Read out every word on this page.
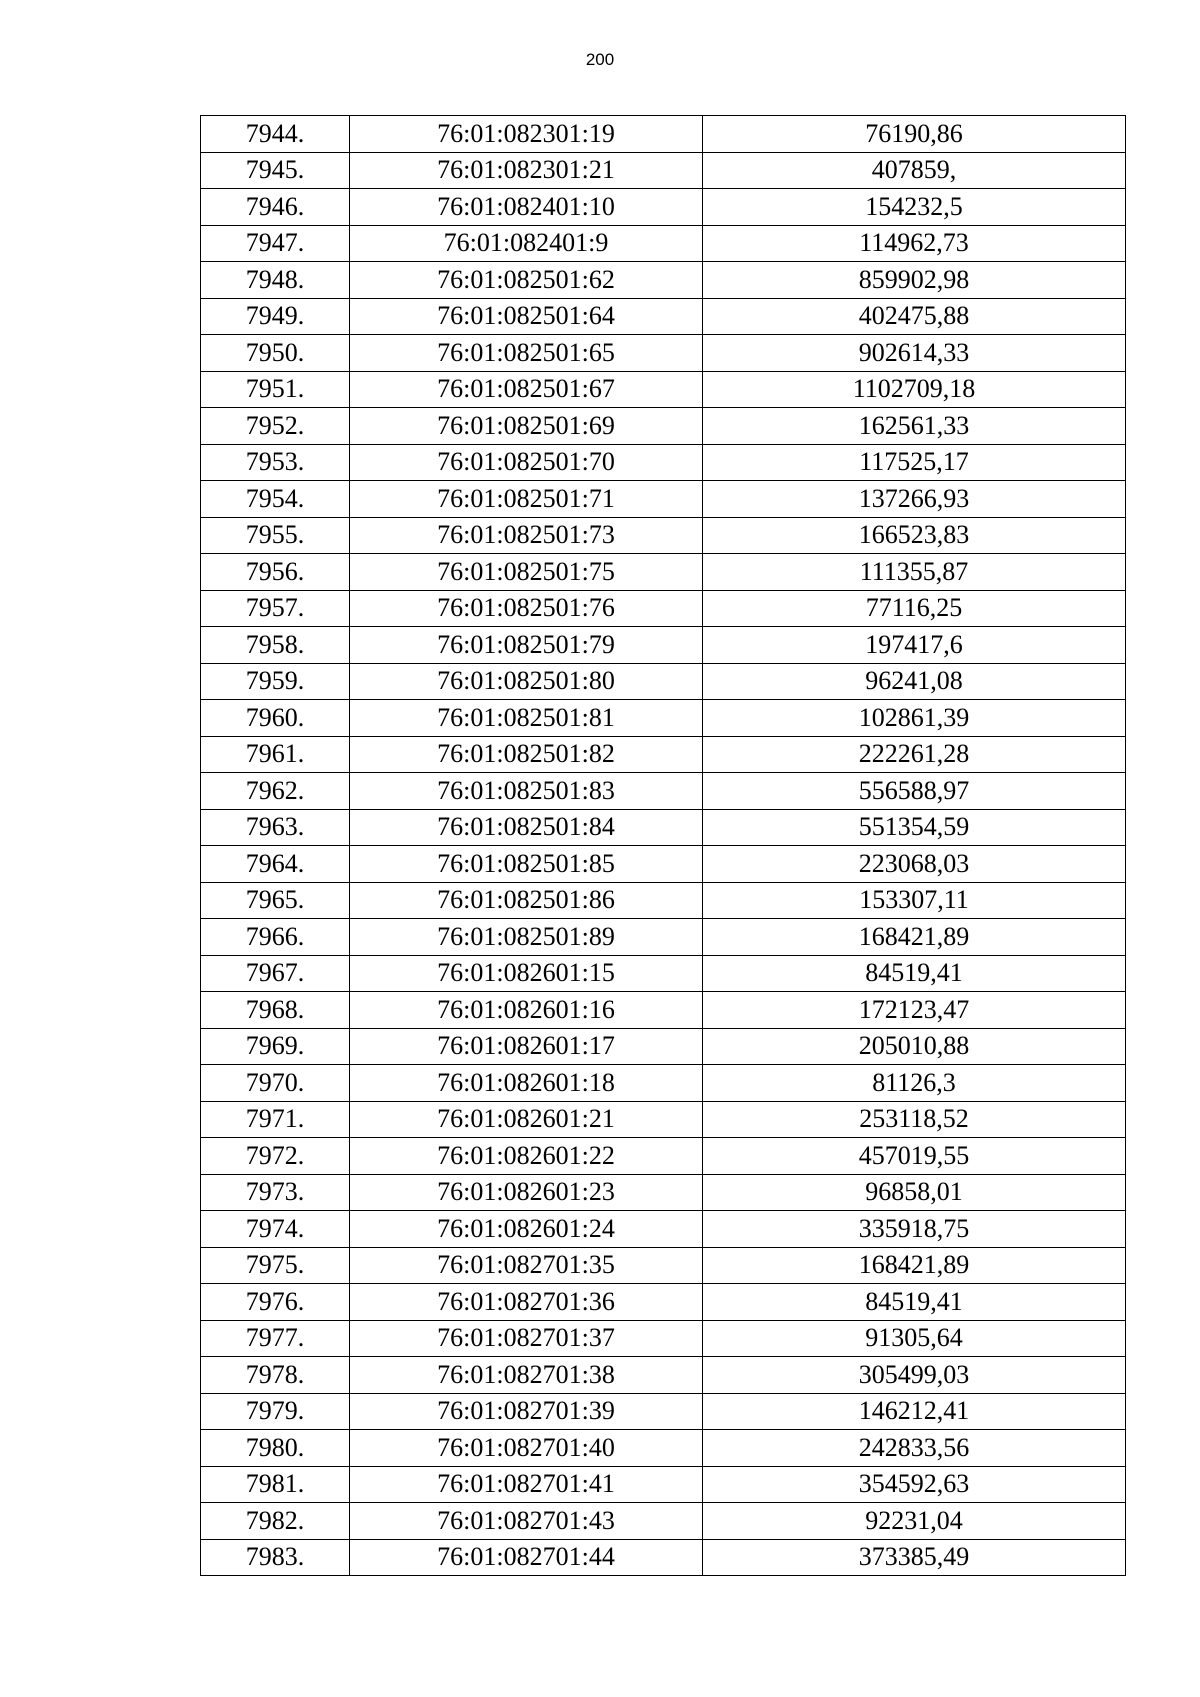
200
7944.	76:01:082301:19	76190,86
7945.	76:01:082301:21	407859,
7946.	76:01:082401:10	154232,5
7947.	76:01:082401:9	114962,73
7948.	76:01:082501:62	859902,98
7949.	76:01:082501:64	402475,88
7950.	76:01:082501:65	902614,33
7951.	76:01:082501:67	1102709,18
7952.	76:01:082501:69	162561,33
7953.	76:01:082501:70	117525,17
7954.	76:01:082501:71	137266,93
7955.	76:01:082501:73	166523,83
7956.	76:01:082501:75	111355,87
7957.	76:01:082501:76	77116,25
7958.	76:01:082501:79	197417,6
7959.	76:01:082501:80	96241,08
7960.	76:01:082501:81	102861,39
7961.	76:01:082501:82	222261,28
7962.	76:01:082501:83	556588,97
7963.	76:01:082501:84	551354,59
7964.	76:01:082501:85	223068,03
7965.	76:01:082501:86	153307,11
7966.	76:01:082501:89	168421,89
7967.	76:01:082601:15	84519,41
7968.	76:01:082601:16	172123,47
7969.	76:01:082601:17	205010,88
7970.	76:01:082601:18	81126,3
7971.	76:01:082601:21	253118,52
7972.	76:01:082601:22	457019,55
7973.	76:01:082601:23	96858,01
7974.	76:01:082601:24	335918,75
7975.	76:01:082701:35	168421,89
7976.	76:01:082701:36	84519,41
7977.	76:01:082701:37	91305,64
7978.	76:01:082701:38	305499,03
7979.	76:01:082701:39	146212,41
7980.	76:01:082701:40	242833,56
7981.	76:01:082701:41	354592,63
7982.	76:01:082701:43	92231,04
7983.	76:01:082701:44	373385,49
